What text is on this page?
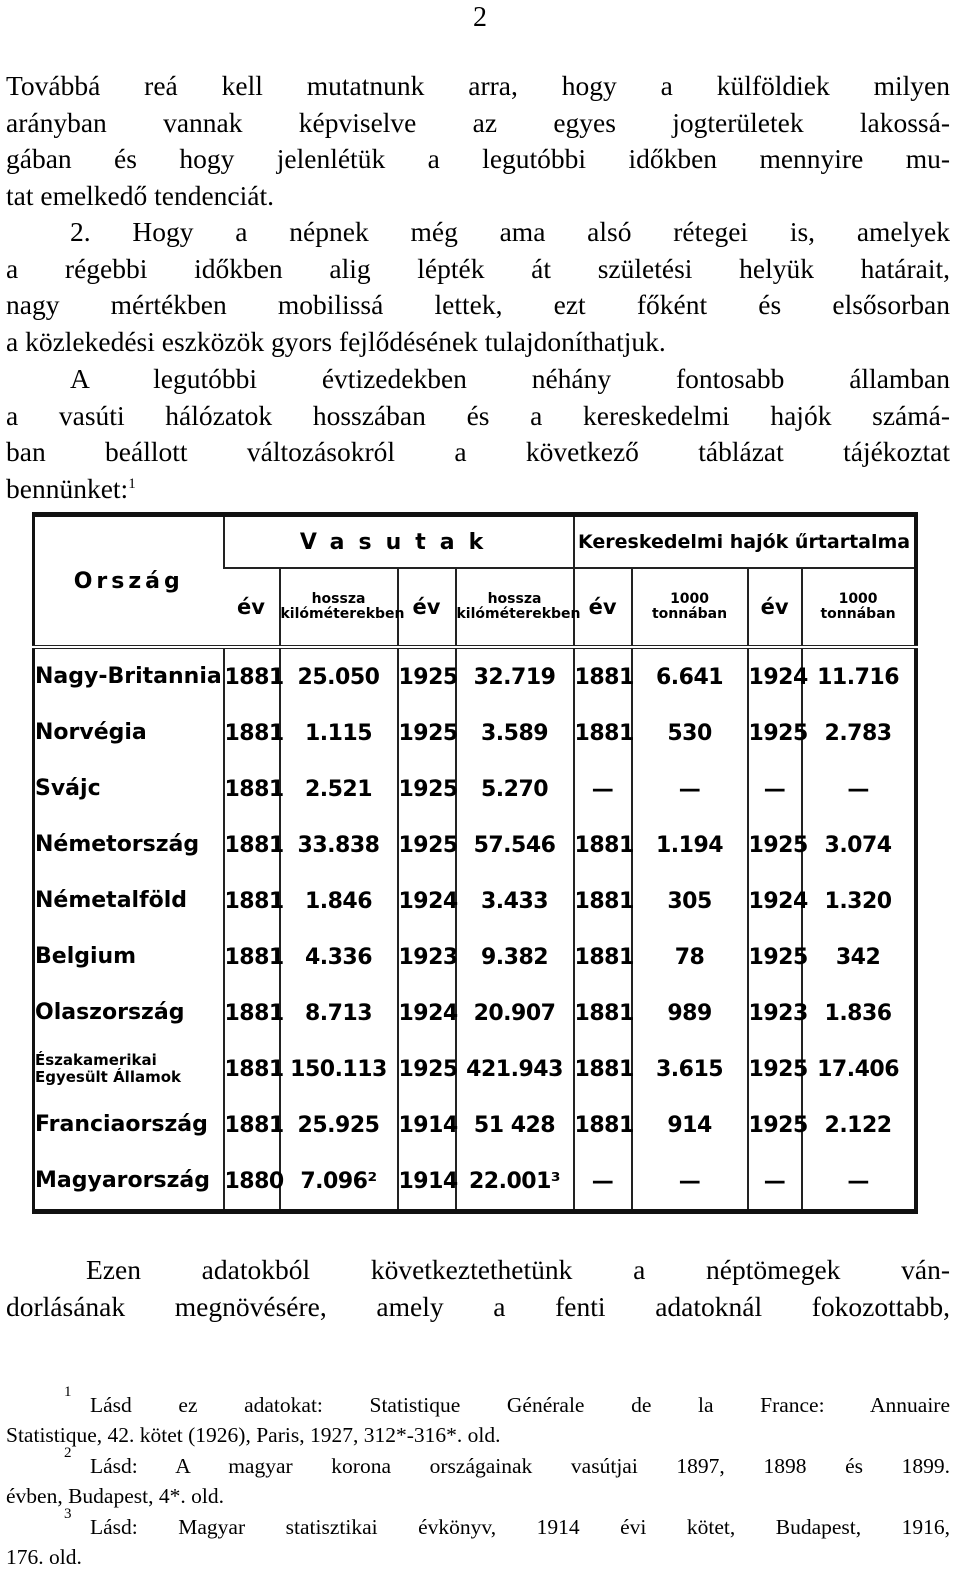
2
Továbbá reá kell mutatnunk arra, hogy a külföldiek milyen
arányban vannak képviselve az egyes jogterületek lakossá-
gában és hogy jelenlétük a legutóbbi időkben mennyire mu-
tat emelkedő tendenciát.
2. Hogy a népnek még ama alsó rétegei is, amelyek
a régebbi időkben alig lépték át születési helyük határait,
nagy mértékben mobilissá lettek, ezt főként és elsősorban
a közlekedési eszközök gyors fejlődésének tulajdoníthatjuk.
A legutóbbi évtizedekben néhány fontosabb államban
a vasúti hálózatok hosszában és a kereskedelmi hajók számá-
ban beállott változásokról a következő táblázat tájékoztat
bennünket:$^1$
Ország	Vasutak				Kereskedelmi hajók űrtartalma			
	év	hossza kilóméterekben	év	hossza kilóméterekben	év	1000 tonnában	év	1000 tonnában
Nagy-Britannia	1881	25.050	1925	32.719	1881	6.641	1924	11.716
Norvégia	1881	1.115	1925	3.589	1881	530	1925	2.783
Svájc	1881	2.521	1925	5.270	—	—	—	—
Németország	1881	33.838	1925	57.546	1881	1.194	1925	3.074
Németalföld	1881	1.846	1924	3.433	1881	305	1924	1.320
Belgium	1881	4.336	1923	9.382	1881	78	1925	342
Olaszország	1881	8.713	1924	20.907	1881	989	1923	1.836
Északamerikai Egyesült Államok	1881	150.113	1925	421.943	1881	3.615	1925	17.406
Franciaország	1881	25.925	1914	51 428	1881	914	1925	2.122
Magyarország	1880	7.096²	1914	22.001³	—	—	—	—
Ezen adatokból következtethetünk a néptömegek ván-
dorlásának megnövésére, amely a fenti adatoknál fokozottabb,
1
Lásd ez adatokat: Statistique Générale de la France: Annuaire
Statistique, 42. kötet (1926), Paris, 1927, 312*-316*. old.
2
Lásd: A magyar korona országainak vasútjai 1897, 1898 és 1899.
évben, Budapest, 4*. old.
3
Lásd: Magyar statisztikai évkönyv, 1914 évi kötet, Budapest, 1916,
176. old.
